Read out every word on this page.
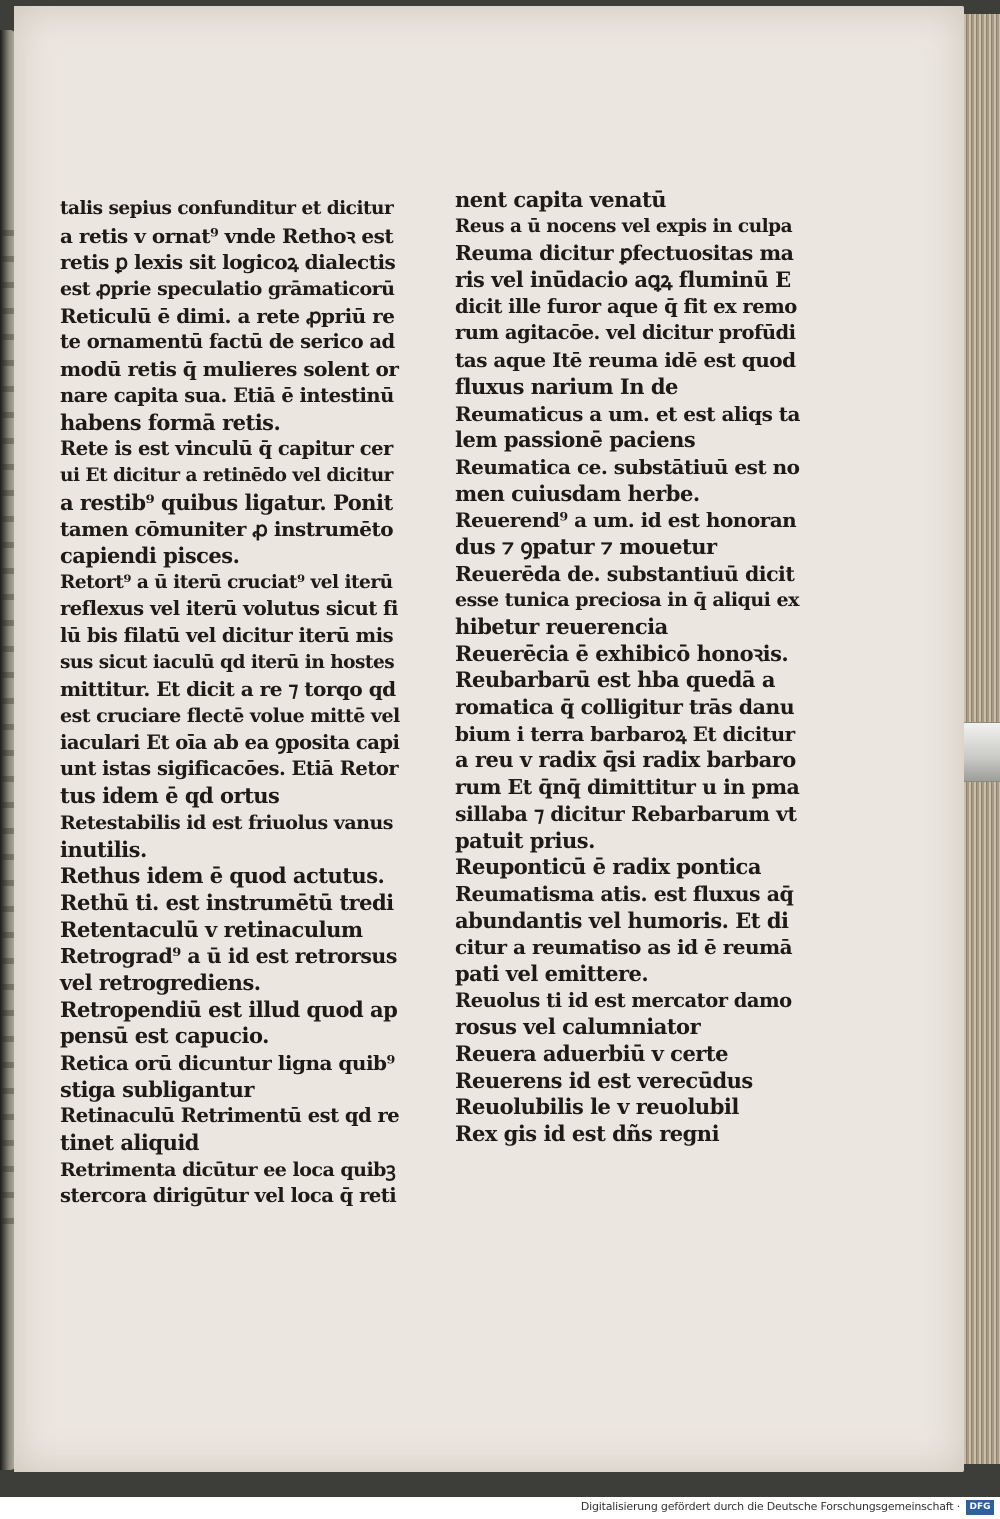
talis sepius confunditur et dicitur
a retis v ornat⁹ vnde Rethoꝛ est
retis ꝑ lexis sit logicoꝝ dialectis
est ꝓprie speculatio grāmaticorū
Reticulū ē dimi. a rete ꝓpriū re
te ornamentū factū de serico ad
modū retis q̄ mulieres solent or
nare capita sua. Etiā ē intestinū
habens formā retis.
Rete is est vinculū q̄ capitur cer
ui Et dicitur a retinēdo vel dicitur
a restib⁹ quibus ligatur. Ponit
tamen cōmuniter ꝓ instrumēto
capiendi pisces.
Retort⁹ a ū iterū cruciat⁹ vel iterū
reflexus vel iterū volutus sicut fi
lū bis filatū vel dicitur iterū mis
sus sicut iaculū qd iterū in hostes
mittitur. Et dicit a re ⁊ torqo qd
est cruciare flectē volue mittē vel
iaculari Et oīa ab ea ꝯposita capi
unt istas sigificacōes. Etiā Retor
tus idem ē qd ortus
Retestabilis id est friuolus vanus
inutilis.
Rethus idem ē quod actutus.
Rethū ti. est instrumētū tredi
Retentaculū v retinaculum
Retrograd⁹ a ū id est retrorsus
vel retrogrediens.
Retropendiū est illud quod ap
pensū est capucio.
Retica orū dicuntur ligna quib⁹
stiga subligantur
Retinaculū Retrimentū est qd re
tinet aliquid
Retrimenta dicūtur ee loca quibꝫ
stercora dirigūtur vel loca q̄ reti
nent capita venatū
Reus a ū nocens vel expis in culpa
Reuma dicitur ꝑfectuositas ma
ris vel inūdacio aꝗꝝ fluminū E
dicit ille furor aque q̄ fit ex remo
rum agitacōe. vel dicitur profūdi
tas aque Itē reuma idē est quod
fluxus narium In de
Reumaticus a um. et est aliqs ta
lem passionē paciens
Reumatica ce. substātiuū est no
men cuiusdam herbe.
Reuerend⁹ a um. id est honoran
dus ⁊ ꝯpatur ⁊ mouetur
Reuerēda de. substantiuū dicit
esse tunica preciosa in q̄ aliqui ex
hibetur reuerencia
Reuerēcia ē exhibicō honoꝛis.
Reubarbarū est hba quedā a
romatica q̄ colligitur trās danu
bium i terra barbaroꝝ Et dicitur
a reu v radix q̄si radix barbaro
rum Et q̄nq̄ dimittitur u in pma
sillaba ⁊ dicitur Rebarbarum vt
patuit prius.
Reuponticū ē radix pontica
Reumatisma atis. est fluxus aq̄
abundantis vel humoris. Et di
citur a reumatiso as id ē reumā
pati vel emittere.
Reuolus ti id est mercator damo
rosus vel calumniator
Reuera aduerbiū v certe
Reuerens id est verecūdus
Reuolubilis le v reuolubil
Rex gis id est dñs regni
Digitalisierung gefördert durch die Deutsche Forschungsgemeinschaft ·	DFG
